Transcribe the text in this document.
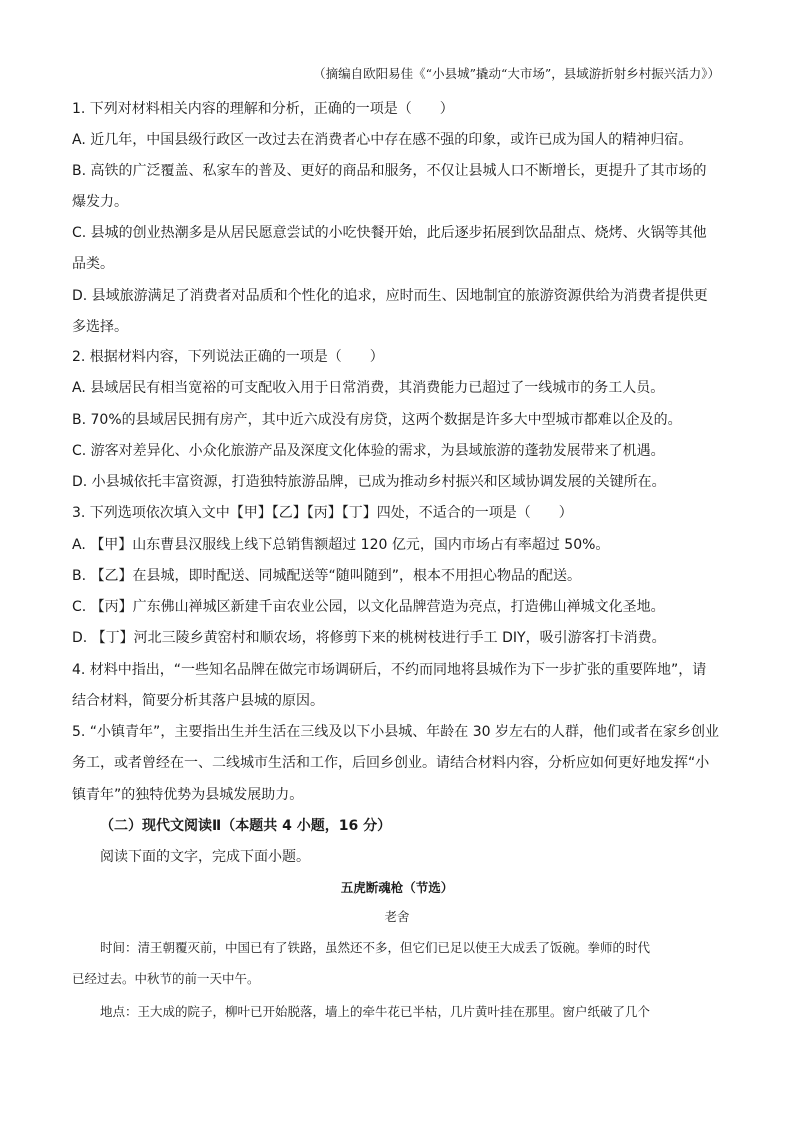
（摘编自欧阳易佳《“小县城”撬动“大市场”，县域游折射乡村振兴活力》）
1. 下列对材料相关内容的理解和分析，正确的一项是（　　）
A. 近几年，中国县级行政区一改过去在消费者心中存在感不强的印象，或许已成为国人的精神归宿。
B. 高铁的广泛覆盖、私家车的普及、更好的商品和服务，不仅让县城人口不断增长，更提升了其市场的
爆发力。
C. 县城的创业热潮多是从居民愿意尝试的小吃快餐开始，此后逐步拓展到饮品甜点、烧烤、火锅等其他
品类。
D. 县域旅游满足了消费者对品质和个性化的追求，应时而生、因地制宜的旅游资源供给为消费者提供更
多选择。
2. 根据材料内容，下列说法正确的一项是（　　）
A. 县域居民有相当宽裕的可支配收入用于日常消费，其消费能力已超过了一线城市的务工人员。
B. 70%的县域居民拥有房产，其中近六成没有房贷，这两个数据是许多大中型城市都难以企及的。
C. 游客对差异化、小众化旅游产品及深度文化体验的需求，为县域旅游的蓬勃发展带来了机遇。
D. 小县城依托丰富资源，打造独特旅游品牌，已成为推动乡村振兴和区域协调发展的关键所在。
3. 下列选项依次填入文中【甲】【乙】【丙】【丁】四处，不适合的一项是（　　）
A. 【甲】山东曹县汉服线上线下总销售额超过 120 亿元，国内市场占有率超过 50%。
B. 【乙】在县城，即时配送、同城配送等“随叫随到”，根本不用担心物品的配送。
C. 【丙】广东佛山禅城区新建千亩农业公园，以文化品牌营造为亮点，打造佛山禅城文化圣地。
D. 【丁】河北三陵乡黄窑村和顺农场，将修剪下来的桃树枝进行手工 DIY，吸引游客打卡消费。
4. 材料中指出，“一些知名品牌在做完市场调研后，不约而同地将县城作为下一步扩张的重要阵地”，请
结合材料，简要分析其落户县城的原因。
5. “小镇青年”，主要指出生并生活在三线及以下小县城、年龄在 30 岁左右的人群，他们或者在家乡创业
务工，或者曾经在一、二线城市生活和工作，后回乡创业。请结合材料内容，分析应如何更好地发挥“小
镇青年”的独特优势为县城发展助力。
（二）现代文阅读Ⅱ（本题共 4 小题，16 分）
阅读下面的文字，完成下面小题。
五虎断魂枪（节选）
老舍
时间：清王朝覆灭前，中国已有了铁路，虽然还不多，但它们已足以使王大成丢了饭碗。拳师的时代
已经过去。中秋节的前一天中午。
地点：王大成的院子，柳叶已开始脱落，墙上的牵牛花已半枯，几片黄叶挂在那里。窗户纸破了几个
